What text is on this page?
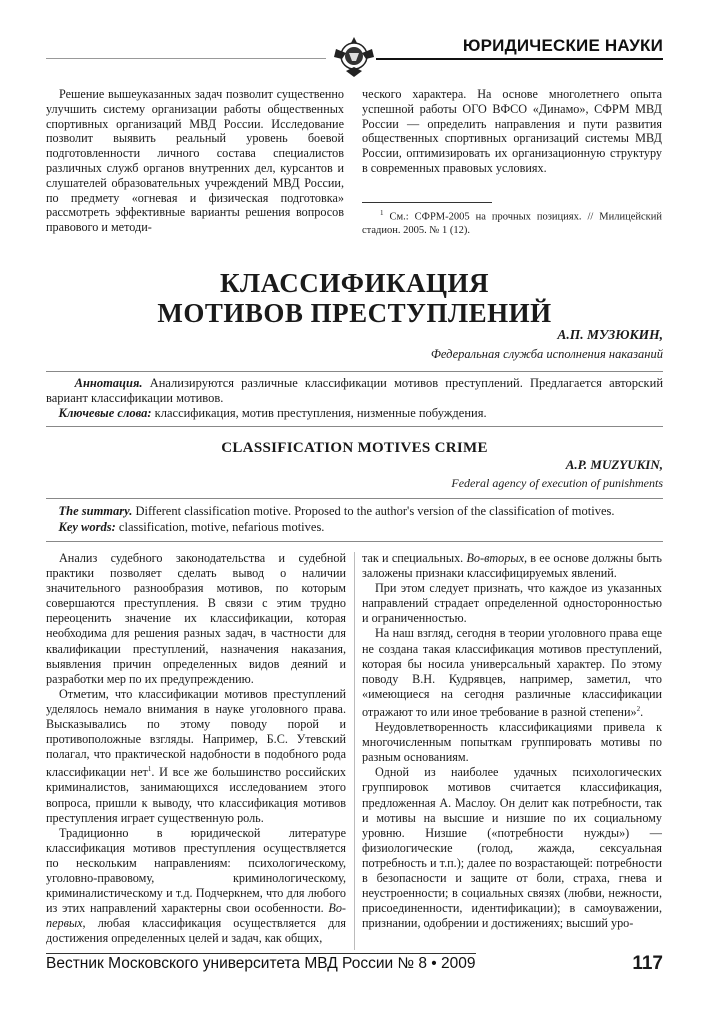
ЮРИДИЧЕСКИЕ НАУКИ

Решение вышеуказанных задач позволит существенно улучшить систему организации работы общественных спортивных организаций МВД России. Исследование позволит выявить реальный уровень боевой подготовленности личного состава специалистов различных служб органов внутренних дел, курсантов и слушателей образовательных учреждений МВД России, по предмету «огневая и физическая подготовка» рассмотреть эффективные варианты решения вопросов правового и методи-

ческого характера. На основе многолетнего опыта успешной работы ОГО ВФСО «Динамо», СФРМ МВД России — определить направления и пути развития общественных спортивных организаций системы МВД России, оптимизировать их организационную структуру в современных правовых условиях.

$^1$ См.: СФРМ-2005 на прочных позициях. // Милицейский стадион. 2005. № 1 (12).
КЛАССИФИКАЦИЯ
МОТИВОВ ПРЕСТУПЛЕНИЙ
А.П. МУЗЮКИН,
Федеральная служба исполнения наказаний
Аннотация. Анализируются различные классификации мотивов преступлений. Предлагается авторский вариант классификации мотивов.
Ключевые слова: классификация, мотив преступления, низменные побуждения.
CLASSIFICATION MOTIVES CRIME
A.P. MUZYUKIN,
Federal agency of execution of punishments
The summary. Different classification motive. Proposed to the author's version of the classification of motives.
Key words: classification, motive, nefarious motives.

Анализ судебного законодательства и судебной практики позволяет сделать вывод о наличии значительного разнообразия мотивов, по которым совершаются преступления. В связи с этим трудно переоценить значение их классификации, которая необходима для решения разных задач, в частности для квалификации преступлений, назначения наказания, выявления причин определенных видов деяний и разработки мер по их предупреждению.

Отметим, что классификации мотивов преступлений уделялось немало внимания в науке уголовного права. Высказывались по этому поводу порой и противоположные взгляды. Например, Б.С. Утевский полагал, что практической надобности в подобного рода классификации нет$^1$. И все же большинство российских криминалистов, занимающихся исследованием этого вопроса, пришли к выводу, что классификация мотивов преступления играет существенную роль.

Традиционно в юридической литературе классификация мотивов преступления осуществляется по нескольким направлениям: психологическому, уголовно-правовому, криминологическому, криминалистическому и т.д. Подчеркнем, что для любого из этих направлений характерны свои особенности. Во-первых, любая классификация осуществляется для достижения определенных целей и задач, как общих,

так и специальных. Во-вторых, в ее основе должны быть заложены признаки классифицируемых явлений.

При этом следует признать, что каждое из указанных направлений страдает определенной односторонностью и ограниченностью.

На наш взгляд, сегодня в теории уголовного права еще не создана такая классификация мотивов преступлений, которая бы носила универсальный характер. По этому поводу В.Н. Кудрявцев, например, заметил, что «имеющиеся на сегодня различные классификации отражают то или иное требование в разной степени»$^2$.

Неудовлетворенность классификациями привела к многочисленным попыткам группировать мотивы по разным основаниям.

Одной из наиболее удачных психологических группировок мотивов считается классификация, предложенная А. Маслоу. Он делит как потребности, так и мотивы на высшие и низшие по их социальному уровню. Низшие («потребности нужды») — физиологические (голод, жажда, сексуальная потребность и т.п.); далее по возрастающей: потребности в безопасности и защите от боли, страха, гнева и неустроенности; в социальных связях (любви, нежности, присоединенности, идентификации); в самоуважении, признании, одобрении и достижениях; высший уро-

Вестник Московского университета МВД России № 8 • 2009	117
